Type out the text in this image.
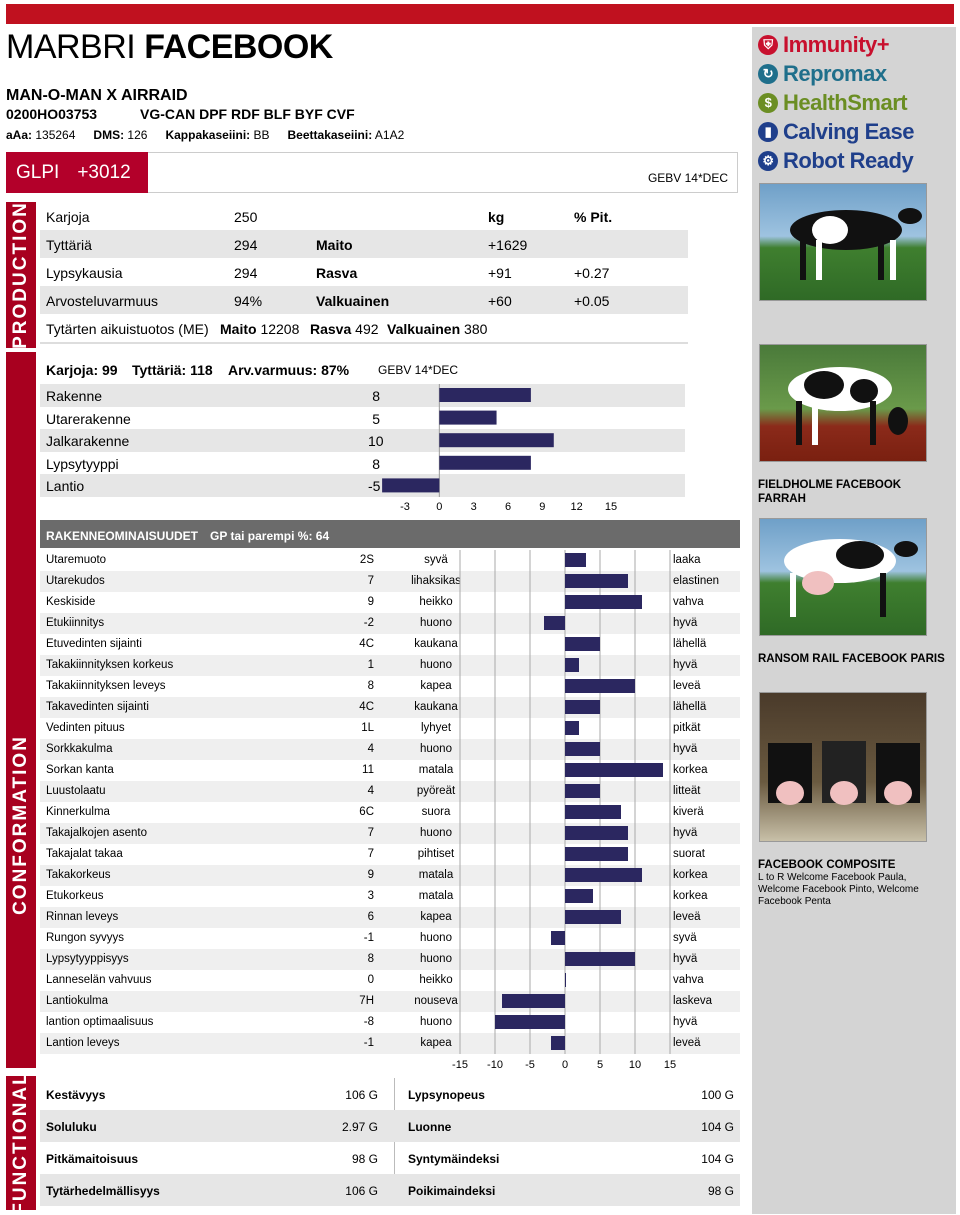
MARBRI FACEBOOK
MAN-O-MAN X AIRRAID
0200HO03753	VG-CAN DPF RDF BLF BYF CVF
aAa: 135264 DMS: 126 Kappakaseiini: BB Beettakaseiini: A1A2
GLPI +3012	GEBV 14*DEC
PRODUCTION Karjoja	250	kg	% Pit.
Tyttäriä	294	Maito	+1629
Lypsykausia	294	Rasva	+91	+0.27
Arvosteluvarmuus	94%	Valkuainen	+60	+0.05
Tytärten aikuistuotos (ME) Maito 12208 Rasva 492 Valkuainen 380
CONFORMATION
Karjoja: 99 Tyttäriä: 118 Arv.varmuus: 87% GEBV 14*DEC
Rakenne	8
Utarerakenne	5
Jalkarakenne	10
Lypsytyyppi	8
Lantio	-5
-3 0	3	6	9 12 15
RAKENNEOMINAISUUDET GP tai parempi %: 64
Utaremuoto	2S	syvä	laaka
Utarekudos	7	lihaksikas	elastinen
Keskiside	9	heikko	vahva
Etukiinnitys	-2	huono	hyvä
Etuvedinten sijainti	4C	kaukana	lähellä
Takakiinnityksen korkeus	1	huono	hyvä
Takakiinnityksen leveys	8	kapea	leveä
Takavedinten sijainti	4C	kaukana	lähellä
Vedinten pituus	1L	lyhyet	pitkät
Sorkkakulma	4	huono	hyvä
Sorkan kanta	11	matala	korkea
Luustolaatu	4	pyöreät	litteät
Kinnerkulma	6C	suora	kiverä
Takajalkojen asento	7	huono	hyvä
Takajalat takaa	7	pihtiset	suorat
Takakorkeus	9	matala	korkea
Etukorkeus	3	matala	korkea
Rinnan leveys	6	kapea	leveä
Rungon syvyys	-1	huono	syvä
Lypsytyyppisyys	8	huono	hyvä
Lanneselän vahvuus	0	heikko	vahva
Lantiokulma	7H	nouseva	laskeva
lantion optimaalisuus	-8	huono	hyvä
Lantion leveys	-1	kapea	leveä
-15 -10 -5 0	5 10 15
FUNCTIONAL Kestävyys	106 G	Lypsynopeus	100 G
Soluluku	2.97 G	Luonne	104 G
Pitkämaitoisuus	98 G	Syntymäindeksi	104 G
Tytärhedelmällisyys	106 G	Poikimaindeksi	98 G
⛨ Immunity+
↻ Repromax
$ HealthSmart
▮ Calving Ease
⚙ Robot Ready
FIELDHOLME FACEBOOK FARRAH
RANSOM RAIL FACEBOOK PARIS
FACEBOOK COMPOSITE
L to R Welcome Facebook Paula, Welcome Facebook Pinto, Welcome Facebook Penta
